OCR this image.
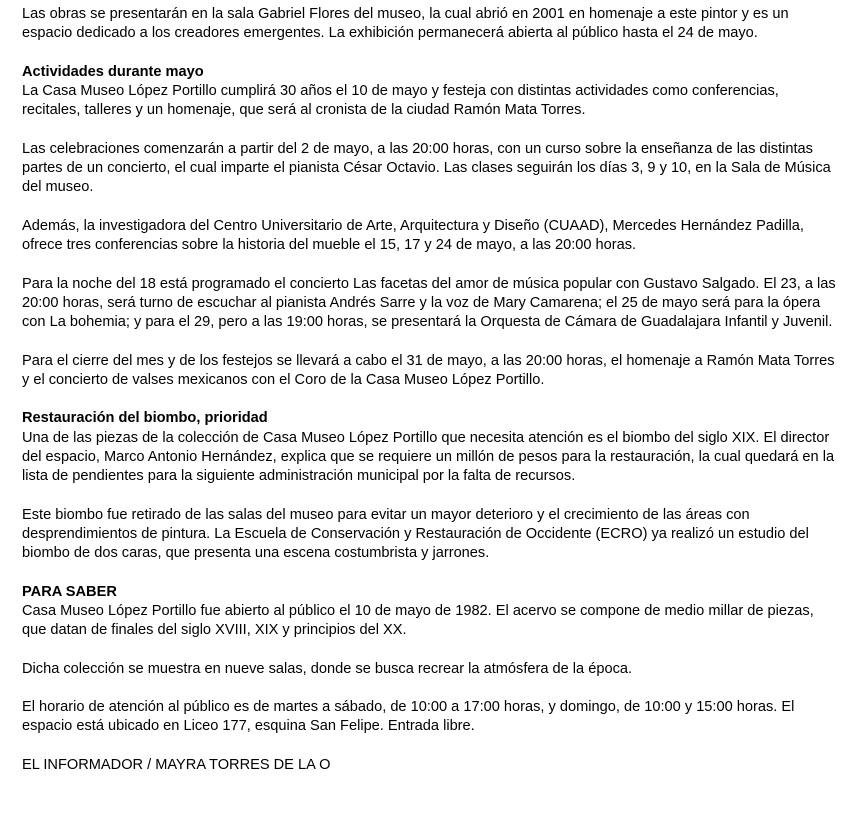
Las obras se presentarán en la sala Gabriel Flores del museo, la cual abrió en 2001 en homenaje a este pintor y es un espacio dedicado a los creadores emergentes. La exhibición permanecerá abierta al público hasta el 24 de mayo.

Actividades durante mayo

La Casa Museo López Portillo cumplirá 30 años el 10 de mayo y festeja con distintas actividades como conferencias, recitales, talleres y un homenaje, que será al cronista de la ciudad Ramón Mata Torres.

Las celebraciones comenzarán a partir del 2 de mayo, a las 20:00 horas, con un curso sobre la enseñanza de las distintas partes de un concierto, el cual imparte el pianista César Octavio. Las clases seguirán los días 3, 9 y 10, en la Sala de Música del museo.

Además, la investigadora del Centro Universitario de Arte, Arquitectura y Diseño (CUAAD), Mercedes Hernández Padilla, ofrece tres conferencias sobre la historia del mueble el 15, 17 y 24 de mayo, a las 20:00 horas.

Para la noche del 18 está programado el concierto Las facetas del amor de música popular con Gustavo Salgado. El 23, a las 20:00 horas, será turno de escuchar al pianista Andrés Sarre y la voz de Mary Camarena; el 25 de mayo será para la ópera con La bohemia; y para el 29, pero a las 19:00 horas, se presentará la Orquesta de Cámara de Guadalajara Infantil y Juvenil.

Para el cierre del mes y de los festejos se llevará a cabo el 31 de mayo, a las 20:00 horas, el homenaje a Ramón Mata Torres y el concierto de valses mexicanos con el Coro de la Casa Museo López Portillo.

Restauración del biombo, prioridad

Una de las piezas de la colección de Casa Museo López Portillo que necesita atención es el biombo del siglo XIX. El director del espacio, Marco Antonio Hernández, explica que se requiere un millón de pesos para la restauración, la cual quedará en la lista de pendientes para la siguiente administración municipal por la falta de recursos.

Este biombo fue retirado de las salas del museo para evitar un mayor deterioro y el crecimiento de las áreas con desprendimientos de pintura. La Escuela de Conservación y Restauración de Occidente (ECRO) ya realizó un estudio del biombo de dos caras, que presenta una escena costumbrista y jarrones.

PARA SABER

Casa Museo López Portillo fue abierto al público el 10 de mayo de 1982. El acervo se compone de medio millar de piezas, que datan de finales del siglo XVIII, XIX y principios del XX.

Dicha colección se muestra en nueve salas, donde se busca recrear la atmósfera de la época.

El horario de atención al público es de martes a sábado, de 10:00 a 17:00 horas, y domingo, de 10:00 y 15:00 horas. El espacio está ubicado en Liceo 177, esquina San Felipe. Entrada libre.

EL INFORMADOR / MAYRA TORRES DE LA O
